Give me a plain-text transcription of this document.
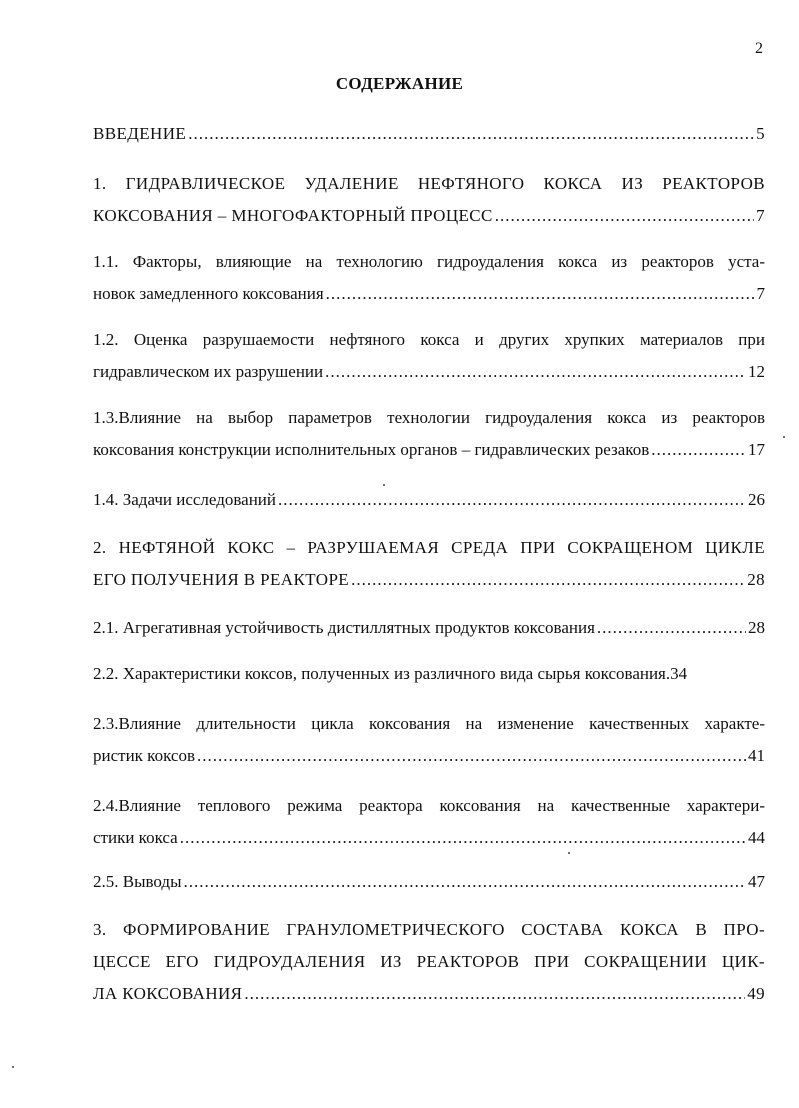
2
СОДЕРЖАНИЕ
ВВЕДЕНИЕ .....	5
1. ГИДРАВЛИЧЕСКОЕ УДАЛЕНИЕ НЕФТЯНОГО КОКСА ИЗ РЕАКТОРОВ
КОКСОВАНИЯ – МНОГОФАКТОРНЫЙ ПРОЦЕСС .....	7
1.1. Факторы, влияющие на технологию гидроудаления кокса из реакторов уста-
новок замедленного коксования .....	7
1.2. Оценка разрушаемости нефтяного кокса и других хрупких материалов при
гидравлическом их разрушении .....	12
1.3.Влияние на выбор параметров технологии гидроудаления кокса из реакторов
коксования конструкции исполнительных органов – гидравлических резаков .....	17
1.4. Задачи исследований .....	26
2. НЕФТЯНОЙ КОКС – РАЗРУШАЕМАЯ СРЕДА ПРИ СОКРАЩЕНОМ ЦИКЛЕ
ЕГО ПОЛУЧЕНИЯ В РЕАКТОРЕ .....	28
2.1. Агрегативная устойчивость дистиллятных продуктов коксования .....	28
2.2. Характеристики коксов, полученных из различного вида сырья коксования. 34
2.3.Влияние длительности цикла коксования на изменение качественных характе-
ристик коксов .....	41
2.4.Влияние теплового режима реактора коксования на качественные характери-
стики кокса .....	44
2.5. Выводы .....	47
3. ФОРМИРОВАНИЕ ГРАНУЛОМЕТРИЧЕСКОГО СОСТАВА КОКСА В ПРО-
ЦЕССЕ ЕГО ГИДРОУДАЛЕНИЯ ИЗ РЕАКТОРОВ ПРИ СОКРАЩЕНИИ ЦИК-
ЛА КОКСОВАНИЯ .....	49
